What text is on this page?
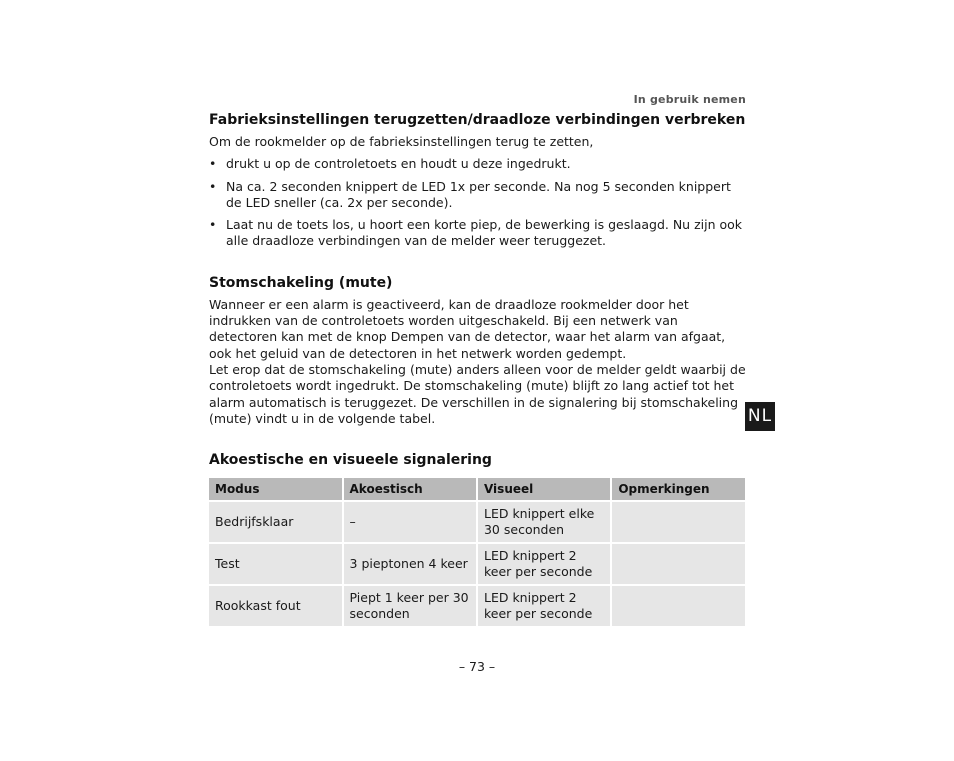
In gebruik nemen
Fabrieksinstellingen terugzetten/draadloze verbindingen verbreken

Om de rookmelder op de fabrieksinstellingen terug te zetten,

• drukt u op de controletoets en houdt u deze ingedrukt.
• Na ca. 2 seconden knippert de LED 1x per seconde. Na nog 5 seconden knippert de LED sneller (ca. 2x per seconde).
• Laat nu de toets los, u hoort een korte piep, de bewerking is geslaagd. Nu zijn ook alle draadloze verbindingen van de melder weer teruggezet.
Stomschakeling (mute)

Wanneer er een alarm is geactiveerd, kan de draadloze rookmelder door het indrukken van de controletoets worden uitgeschakeld. Bij een netwerk van detectoren kan met de knop Dempen van de detector, waar het alarm van afgaat, ook het geluid van de detectoren in het netwerk worden gedempt.

Let erop dat de stomschakeling (mute) anders alleen voor de melder geldt waarbij de controletoets wordt ingedrukt. De stomschakeling (mute) blijft zo lang actief tot het alarm automatisch is teruggezet. De verschillen in de signalering bij stomschakeling (mute) vindt u in de volgende tabel.

Akoestische en visueele signalering
Modus	Akoestisch	Visueel	Opmerkingen
Bedrijfsklaar	–	LED knippert elke 30 seconden	
Test	3 pieptonen 4 keer	LED knippert 2 keer per seconde	
Rookkast fout	Piept 1 keer per 30 seconden	LED knippert 2 keer per seconde	
NL
– 73 –
